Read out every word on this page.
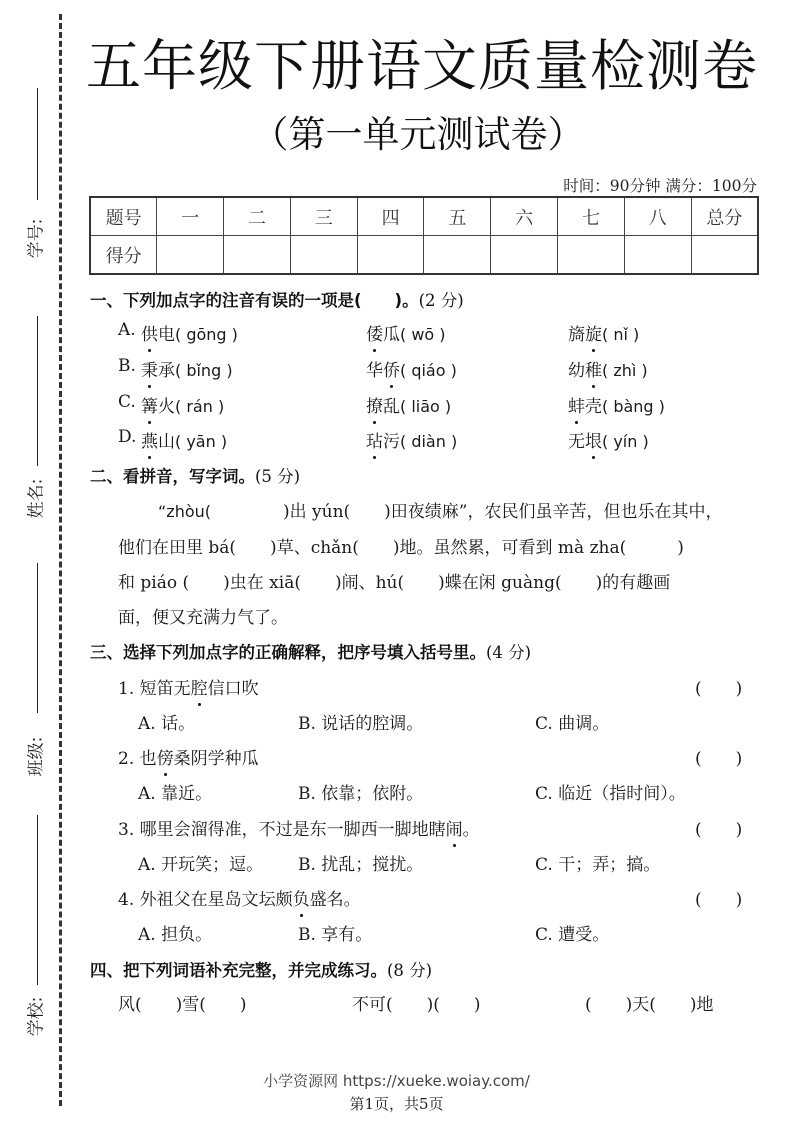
学号:
姓名:
班级:
学校:
五年级下册语文质量检测卷
（第一单元测试卷）
时间：90分钟 满分：100分
题号	一	二	三	四	五	六	七	八	总分
得分									
一、下列加点字的注音有误的一项是(　　)。(2 分)
A. 供电( gōng )	倭瓜( wō )	旖旋( nǐ )
B. 秉承( bǐng )	华侨( qiáo )	幼稚( zhì )
C. 篝火( rán )	撩乱( liāo )	蚌壳( bàng )
D. 燕山( yān )	玷污( diàn )	无垠( yín )
二、看拼音，写字词。(5 分)
“zhòu(　　)出 yún(　　)田夜绩麻”，农民们虽辛苦，但也乐在其中，
他们在田里 bá(　　)草、chǎn(　　)地。虽然累，可看到 mà zha(　　　)
和 piáo (　　)虫在 xiā(　　)闹、hú(　　)蝶在闲 guàng(　　)的有趣画
面，便又充满力气了。
三、选择下列加点字的正确解释，把序号填入括号里。(4 分)
1. 短笛无腔信口吹	(　　)
A. 话。	B. 说话的腔调。	C. 曲调。
2. 也傍桑阴学种瓜	(　　)
A. 靠近。	B. 依靠；依附。	C. 临近（指时间）。
3. 哪里会溜得准，不过是东一脚西一脚地瞎闹。	(　　)
A. 开玩笑；逗。 B. 扰乱；搅扰。	C. 干；弄；搞。
4. 外祖父在星岛文坛颇负盛名。	(　　)
A. 担负。	B. 享有。	C. 遭受。
四、把下列词语补充完整，并完成练习。(8 分)
风(　　)雪(　　)	不可(　　)(　　)	(　　)天(　　)地
小学资源网 https://xueke.woiay.com/
第1页，共5页
